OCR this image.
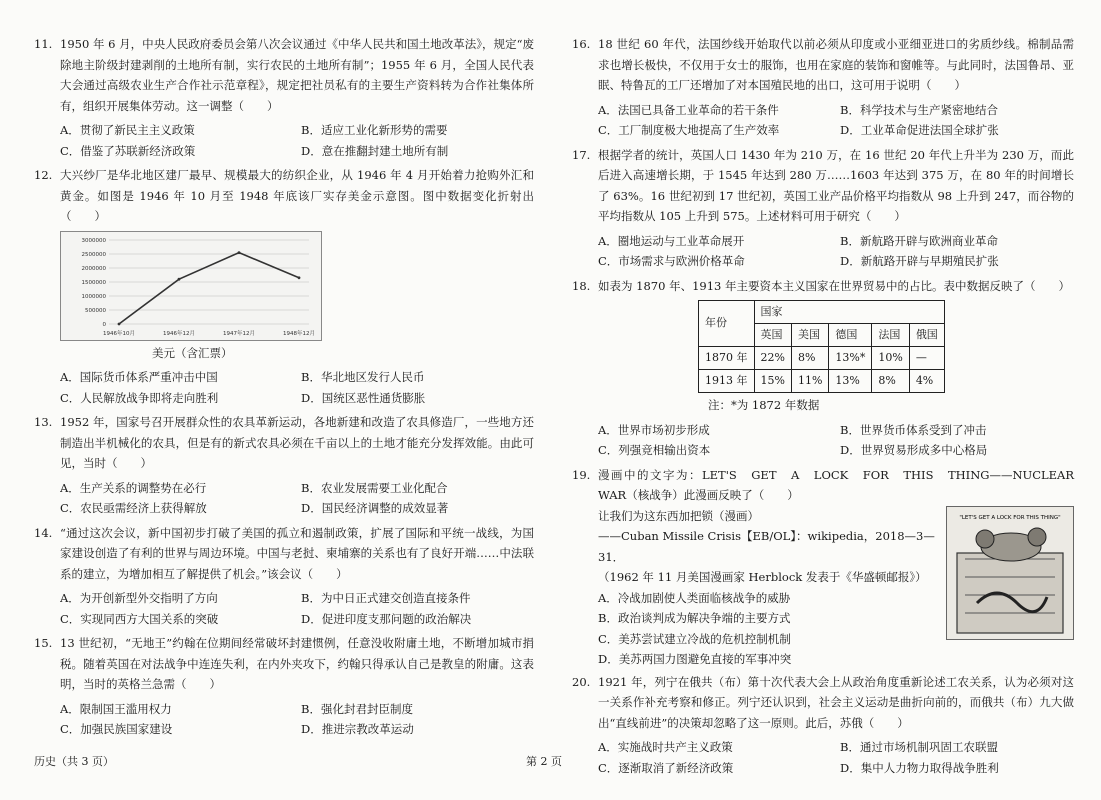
11. 1950 年 6 月，中央人民政府委员会第八次会议通过《中华人民共和国土地改革法》，规定“废除地主阶级封建剥削的土地所有制，实行农民的土地所有制”；1955 年 6 月，全国人民代表大会通过高级农业生产合作社示范章程》，规定把社员私有的主要生产资料转为合作社集体所有，组织开展集体劳动。这一调整（　　）
A．贯彻了新民主主义政策	B．适应工业化新形势的需要
C．借鉴了苏联新经济政策	D．意在推翻封建土地所有制
12. 大兴纱厂是华北地区建厂最早、规模最大的纺织企业，从 1946 年 4 月开始着力抢购外汇和黄金。如图是 1946 年 10 月至 1948 年底该厂实存美金示意图。图中数据变化折射出（　　）
3000000
2500000
2000000
1500000
1000000
500000
0
1946年10月	1946年12月	1947年12月	1948年12月
美元（含汇票）
A．国际货币体系严重冲击中国	B．华北地区发行人民币
C．人民解放战争即将走向胜利	D．国统区恶性通货膨胀
13. 1952 年，国家号召开展群众性的农具革新运动，各地新建和改造了农具修造厂，一些地方还制造出半机械化的农具，但是有的新式农具必须在千亩以上的土地才能充分发挥效能。由此可见，当时（　　）
A．生产关系的调整势在必行	B．农业发展需要工业化配合
C．农民亟需经济上获得解放	D．国民经济调整的成效显著
14. “通过这次会议，新中国初步打破了美国的孤立和遏制政策，扩展了国际和平统一战线，为国家建设创造了有利的世界与周边环境。中国与老挝、柬埔寨的关系也有了良好开端……中法联系的建立，为增加相互了解提供了机会。”该会议（　　）
A．为开创新型外交指明了方向	B．为中日正式建交创造直接条件
C．实现同西方大国关系的突破	D．促进印度支那问题的政治解决
15. 13 世纪初，“无地王”约翰在位期间经常破坏封建惯例，任意没收附庸土地，不断增加城市捐税。随着英国在对法战争中连连失利，在内外夹攻下，约翰只得承认自己是教皇的附庸。这表明，当时的英格兰急需（　　）
A．限制国王滥用权力	B．强化封君封臣制度
C．加强民族国家建设	D．推进宗教改革运动
16. 18 世纪 60 年代，法国纱线开始取代以前必须从印度或小亚细亚进口的劣质纱线。棉制品需求也增长极快，不仅用于女士的服饰，也用在家庭的装饰和窗帷等。与此同时，法国鲁昂、亚眠、特鲁瓦的工厂还增加了对本国殖民地的出口，这可用于说明（　　）
A．法国已具备工业革命的若干条件	B．科学技术与生产紧密地结合
C．工厂制度极大地提高了生产效率	D．工业革命促进法国全球扩张
17. 根据学者的统计，英国人口 1430 年为 210 万，在 16 世纪 20 年代上升半为 230 万，而此后进入高速增长期，于 1545 年达到 280 万……1603 年达到 375 万，在 80 年的时间增长了 63%。16 世纪初到 17 世纪初，英国工业产品价格平均指数从 98 上升到 247，而谷物的平均指数从 105 上升到 575。上述材料可用于研究（　　）
A．圈地运动与工业革命展开	B．新航路开辟与欧洲商业革命
C．市场需求与欧洲价格革命	D．新航路开辟与早期殖民扩张
18. 如表为 1870 年、1913 年主要资本主义国家在世界贸易中的占比。表中数据反映了（　　）
年份	国家				
	英国	美国	德国	法国	俄国
1870 年	22%	8%	13%*	10%	—
1913 年	15%	11%	13%	8%	4%
注：*为 1872 年数据
A．世界市场初步形成	B．世界货币体系受到了冲击
C．列强竞相输出资本	D．世界贸易形成多中心格局
19. 漫画中的文字为：LET'S　GET　A　LOCK　FOR　THIS　THING——NUCLEAR　WAR（核战争）此漫画反映了（　　）
让我们为这东西加把锁（漫画）
——Cuban Missile Crisis【EB/OL】：wikipedia，2018—3—31．
（1962 年 11 月美国漫画家 Herblock 发表于《华盛顿邮报》）
A．冷战加剧使人类面临核战争的威胁
B．政治谈判成为解决争端的主要方式
C．美苏尝试建立冷战的危机控制机制
D．美苏两国力图避免直接的军事冲突
"LET'S GET A LOCK FOR THIS THING"
20. 1921 年，列宁在俄共（布）第十次代表大会上从政治角度重新论述工农关系，认为必须对这一关系作补充考察和修正。列宁还认识到，社会主义运动是曲折向前的，而俄共（布）九大做出“直线前进”的决策却忽略了这一原则。此后，苏俄（　　）
A．实施战时共产主义政策	B．通过市场机制巩固工农联盟
C．逐渐取消了新经济政策	D．集中人力物力取得战争胜利
历史（共 3 页）	第 2 页
